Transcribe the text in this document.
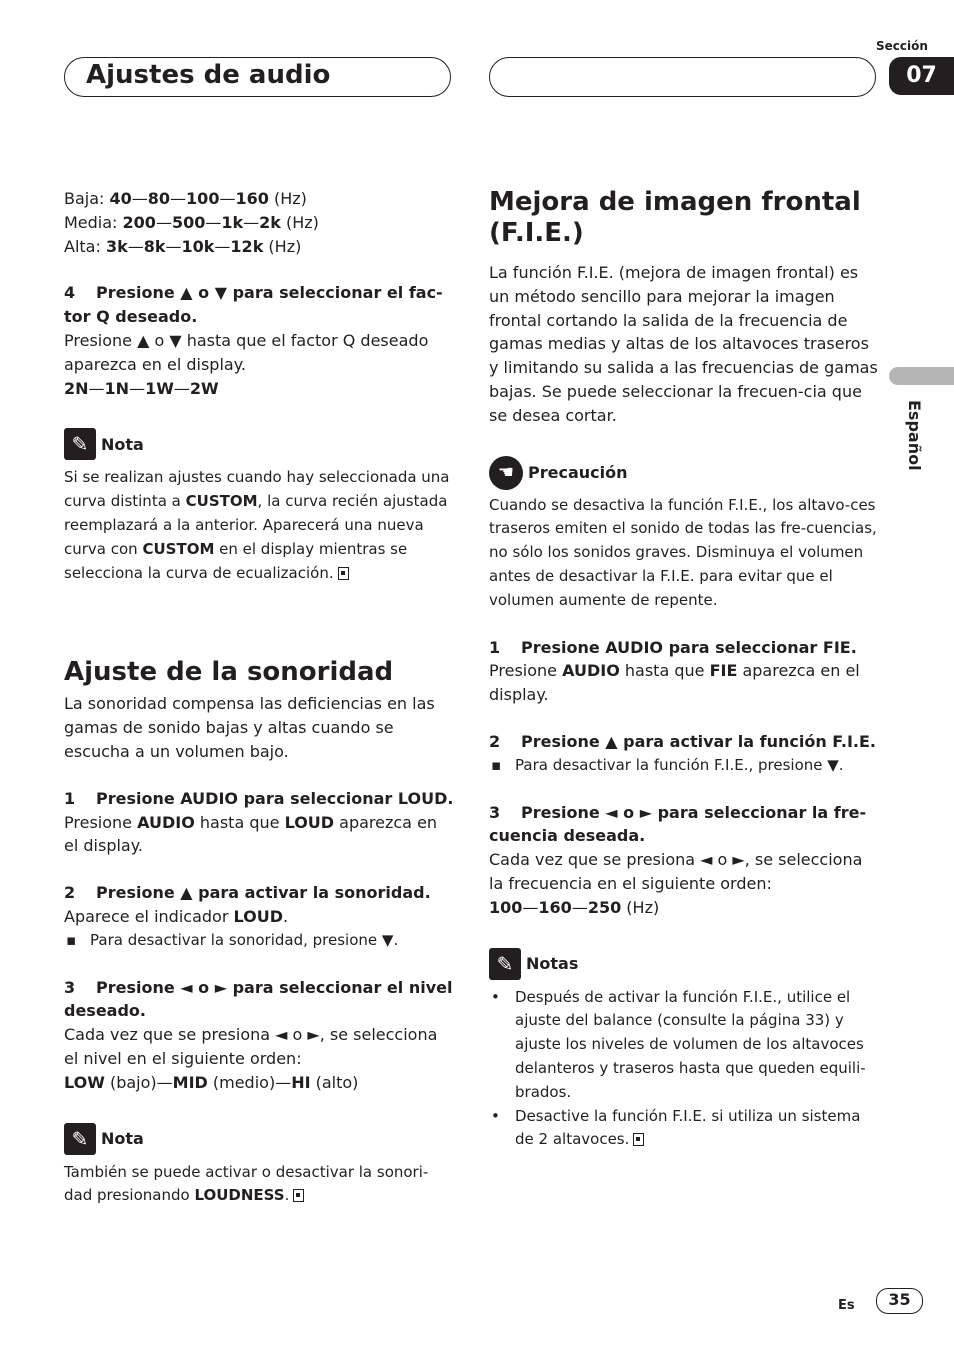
Ajustes de audio
Sección
07
Español

Baja: 40—80—100—160 (Hz)

Media: 200—500—1k—2k (Hz)

Alta: 3k—8k—10k—12k (Hz)

4 Presione ▲ o ▼ para seleccionar el fac-

tor Q deseado.

Presione ▲ o ▼ hasta que el factor Q deseado aparezca en el display.

2N—1N—1W—2W

✎ Nota

Si se realizan ajustes cuando hay seleccionada una curva distinta a CUSTOM, la curva recién ajustada reemplazará a la anterior. Aparecerá una nueva curva con CUSTOM en el display mientras se selecciona la curva de ecualización.

Ajuste de la sonoridad

La sonoridad compensa las deficiencias en las gamas de sonido bajas y altas cuando se escucha a un volumen bajo.

1 Presione AUDIO para seleccionar LOUD.

Presione AUDIO hasta que LOUD aparezca en el display.

2 Presione ▲ para activar la sonoridad.

Aparece el indicador LOUD.

▪ Para desactivar la sonoridad, presione ▼.

3 Presione ◄ o ► para seleccionar el nivel

deseado.

Cada vez que se presiona ◄ o ►, se selecciona el nivel en el siguiente orden:

LOW (bajo)—MID (medio)—HI (alto)

✎ Nota

También se puede activar o desactivar la sonori-dad presionando LOUDNESS.

Mejora de imagen frontal (F.I.E.)

La función F.I.E. (mejora de imagen frontal) es un método sencillo para mejorar la imagen frontal cortando la salida de la frecuencia de gamas medias y altas de los altavoces traseros y limitando su salida a las frecuencias de gamas bajas. Se puede seleccionar la frecuen-cia que se desea cortar.

☚ Precaución

Cuando se desactiva la función F.I.E., los altavo-ces traseros emiten el sonido de todas las fre-cuencias, no sólo los sonidos graves. Disminuya el volumen antes de desactivar la F.I.E. para evitar que el volumen aumente de repente.

1 Presione AUDIO para seleccionar FIE.

Presione AUDIO hasta que FIE aparezca en el display.

2 Presione ▲ para activar la función F.I.E.

▪ Para desactivar la función F.I.E., presione ▼.

3 Presione ◄ o ► para seleccionar la fre-

cuencia deseada.

Cada vez que se presiona ◄ o ►, se selecciona la frecuencia en el siguiente orden:

100—160—250 (Hz)

✎ Notas

• Después de activar la función F.I.E., utilice el ajuste del balance (consulte la página 33) y ajuste los niveles de volumen de los altavoces delanteros y traseros hasta que queden equili-brados.

• Desactive la función F.I.E. si utiliza un sistema de 2 altavoces.

Es	35
